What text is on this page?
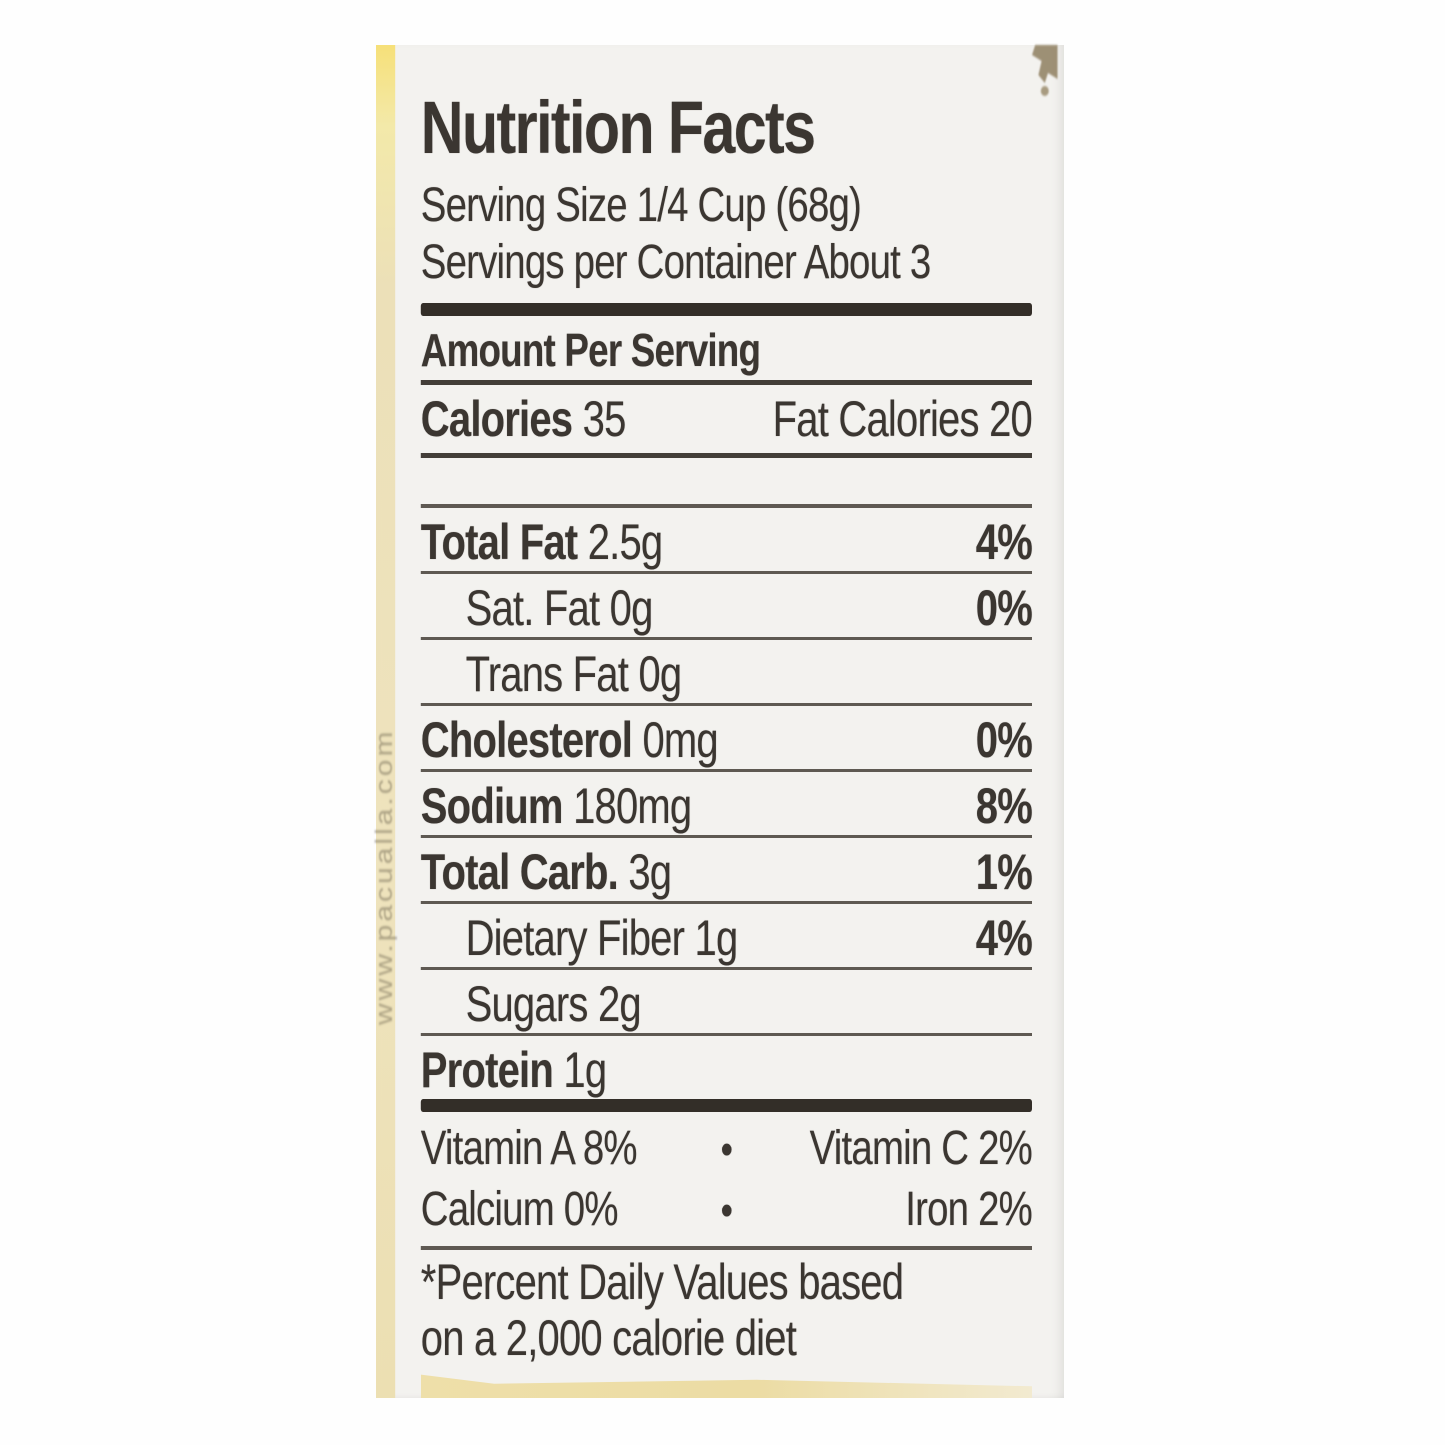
www.pacualla.com
Nutrition Facts
Serving Size 1/4 Cup (68g)
Servings per Container About 3
Amount Per Serving
Calories 35	Fat Calories 20
Total Fat 2.5g	4%
Sat. Fat 0g	0%
Trans Fat 0g
Cholesterol 0mg	0%
Sodium 180mg	8%
Total Carb. 3g	1%
Dietary Fiber 1g	4%
Sugars 2g
Protein 1g
Vitamin A 8%	•	Vitamin C 2%
Calcium 0%	•	Iron 2%
*Percent Daily Values based
on a 2,000 calorie diet
